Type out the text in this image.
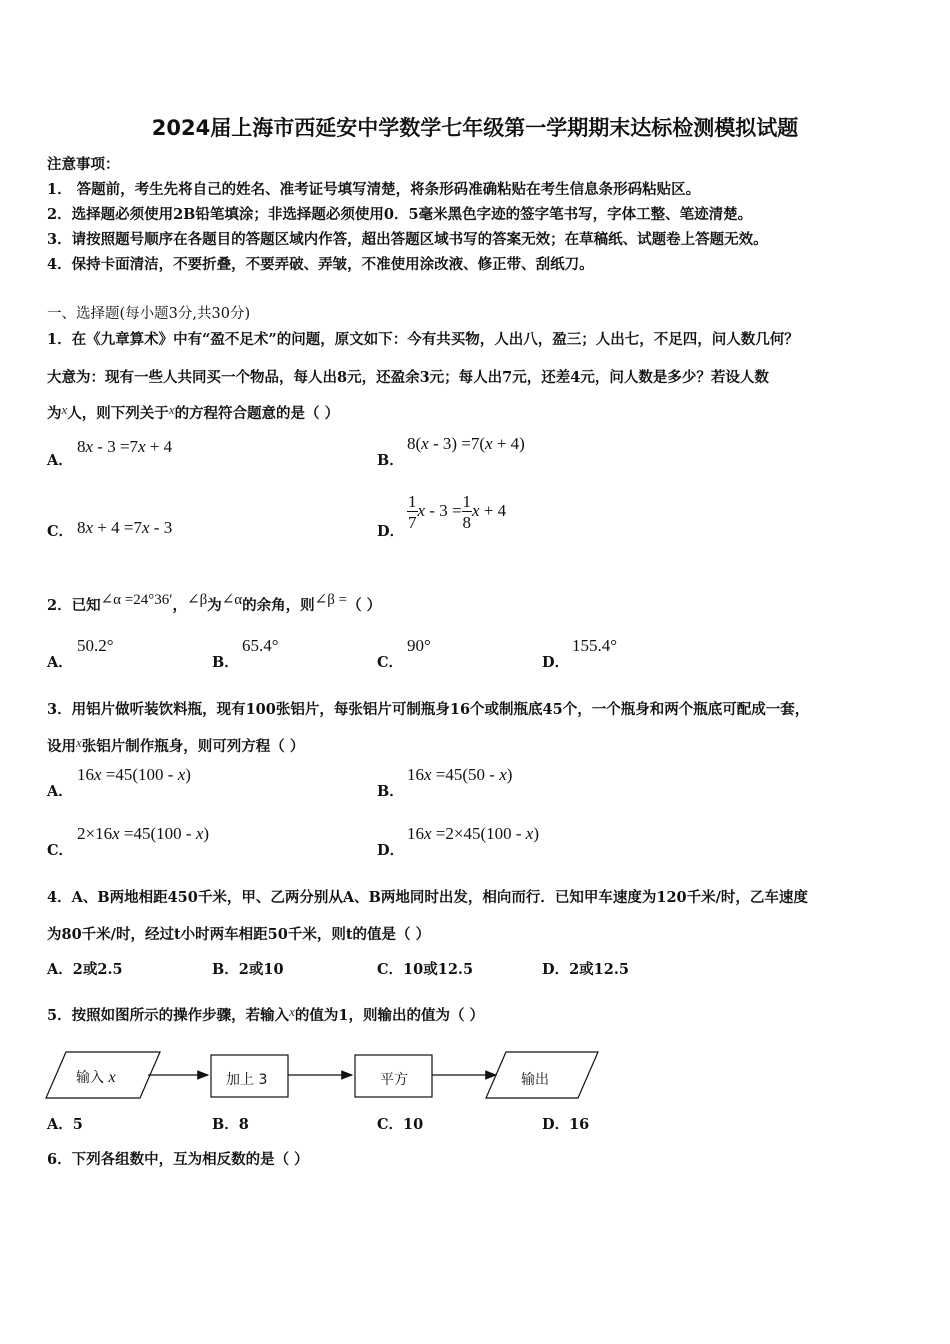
2024届上海市西延安中学数学七年级第一学期期末达标检测模拟试题
注意事项：
1． 答题前，考生先将自己的姓名、准考证号填写清楚，将条形码准确粘贴在考生信息条形码粘贴区。
2．选择题必须使用2B铅笔填涂；非选择题必须使用0．5毫米黑色字迹的签字笔书写，字体工整、笔迹清楚。
3．请按照题号顺序在各题目的答题区域内作答，超出答题区域书写的答案无效；在草稿纸、试题卷上答题无效。
4．保持卡面清洁，不要折叠，不要弄破、弄皱，不准使用涂改液、修正带、刮纸刀。
一、选择题(每小题3分,共30分)
1．在《九章算术》中有“盈不足术”的问题，原文如下：今有共买物，人出八，盈三；人出七，不足四，问人数几何？
大意为：现有一些人共同买一个物品，每人出8元，还盈余3元；每人出7元，还差4元，问人数是多少？若设人数
为x人，则下列关于x的方程符合题意的是（ ）
A．
8x - 3 =7x + 4
B．
8(x - 3) =7(x + 4)
C． 8x + 4 =7x - 3	D．
$\frac{1}{7}$ $x - 3 = \frac{1}{8}$ x + 4
2．已知∠α =24°36′，∠β为∠α的余角，则∠β =（ ）
A．
50.2°
B．
65.4°
C．
90°
D．
155.4°
3．用铝片做听装饮料瓶，现有100张铝片，每张铝片可制瓶身16个或制瓶底45个，一个瓶身和两个瓶底可配成一套，
设用x张铝片制作瓶身，则可列方程（ ）
A．
16x =45(100 - x)
B．
16x =45(50 - x)
C．
2×16x =45(100 - x)
D．
16x =2×45(100 - x)
4．A、B两地相距450千米，甲、乙两分别从A、B两地同时出发，相向而行．已知甲车速度为120千米/时，乙车速度
为80千米/时，经过t小时两车相距50千米，则t的值是（ ）
A．2或2.5	B．2或10	C．10或12.5	D．2或12.5
5．按照如图所示的操作步骤，若输入x的值为1，则输出的值为（ ）
输入 x	加上 3	平方	输出
A．5	B．8	C．10	D．16
6．下列各组数中，互为相反数的是（ ）
